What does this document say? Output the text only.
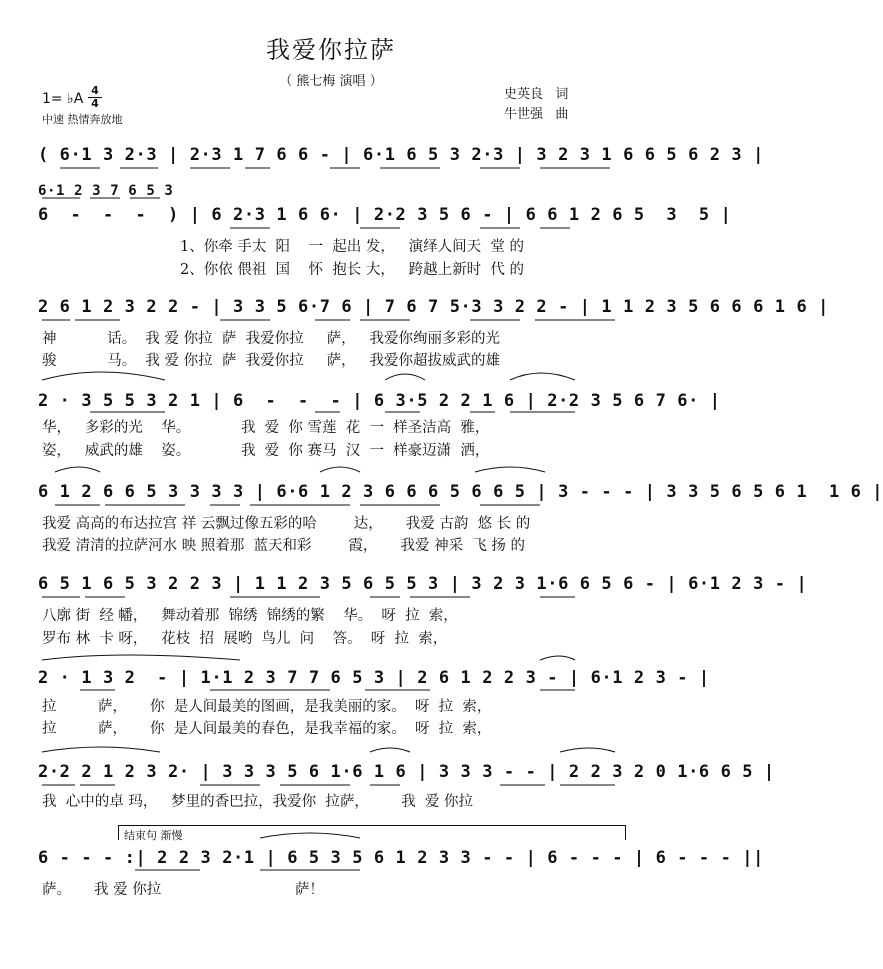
我爱你拉萨
（ 熊七梅 演唱 ）
史英良   词
牛世强   曲
1= ♭A
4
4
中速 热情奔放地
( 6·1 3 2·3 | 2·3 1 7 6 6 - | 6·1 6 5 3 2·3 | 3 2 3 1 6 6 5 6 2 3 |
6·1 2 3 7 6 5 3
6  -  -  -  ) | 6 2·3 1 6 6· | 2·2 3 5 6 - | 6 6 1 2 6 5  3  5 |
1、你牵 手太  阳    一  起出 发，   演绎人间天  堂 的
2、你依 偎祖  国    怀  抱长 大，   跨越上新时  代 的
2 6 1 2 3 2 2 - | 3 3 5 6·7 6 | 7 6 7 5·3 3 2 2 - | 1 1 2 3 5 6 6 6 1 6 |
神           话。  我 爱 你拉  萨  我爱你拉     萨，   我爱你绚丽多彩的光
骏           马。  我 爱 你拉  萨  我爱你拉     萨，   我爱你超拔威武的雄
2 · 3 5 5 3 2 1 | 6  -  -  - | 6 3·5 2 2 1 6 | 2·2 3 5 6 7 6· |
华，   多彩的光    华。           我  爱  你 雪莲  花  一  样圣洁高  雅，
姿，   威武的雄    姿。           我  爱  你 赛马  汉  一  样豪迈潇  洒，
6 1 2 6 6 5 3 3 3 3 | 6·6 1 2 3 6 6 6 5 6 6 5 | 3 - - - | 3 3 5 6 5 6 1  1 6 |
我爱 高高的布达拉宫 祥 云飘过像五彩的哈        达，     我爱 古韵  悠 长 的
我爱 清清的拉萨河水 映 照着那  蓝天和彩        霞，     我爱 神采  飞 扬 的
6 5 1 6 5 3 2 2 3 | 1 1 2 3 5 6 5 5 3 | 3 2 3 1·6 6 5 6 - | 6·1 2 3 - |
八廓 街  经 幡，   舞动着那  锦绣  锦绣的繁    华。  呀  拉  索，
罗布 林  卡 呀，   花枝  招  展哟  鸟儿  问    答。  呀  拉  索，
2 · 1 3 2  - | 1·1 2 3 7 7 6 5 3 | 2 6 1 2 2 3 - | 6·1 2 3 - |
拉         萨，     你  是人间最美的图画，是我美丽的家。  呀  拉  索，
拉         萨，     你  是人间最美的春色，是我幸福的家。  呀  拉  索，
2·2 2 1 2 3 2· | 3 3 3 5 6 1·6 1 6 | 3 3 3 - - | 2 2 3 2 0 1·6 6 5 |
我  心中的卓 玛，   梦里的香巴拉，我爱你  拉萨，       我  爱 你拉
结束句 渐慢
6 - - - :| 2 2 3 2·1 | 6 5 3 5 6 1 2 3 3 - - | 6 - - - | 6 - - - ||
萨。     我 爱 你拉                             萨！
